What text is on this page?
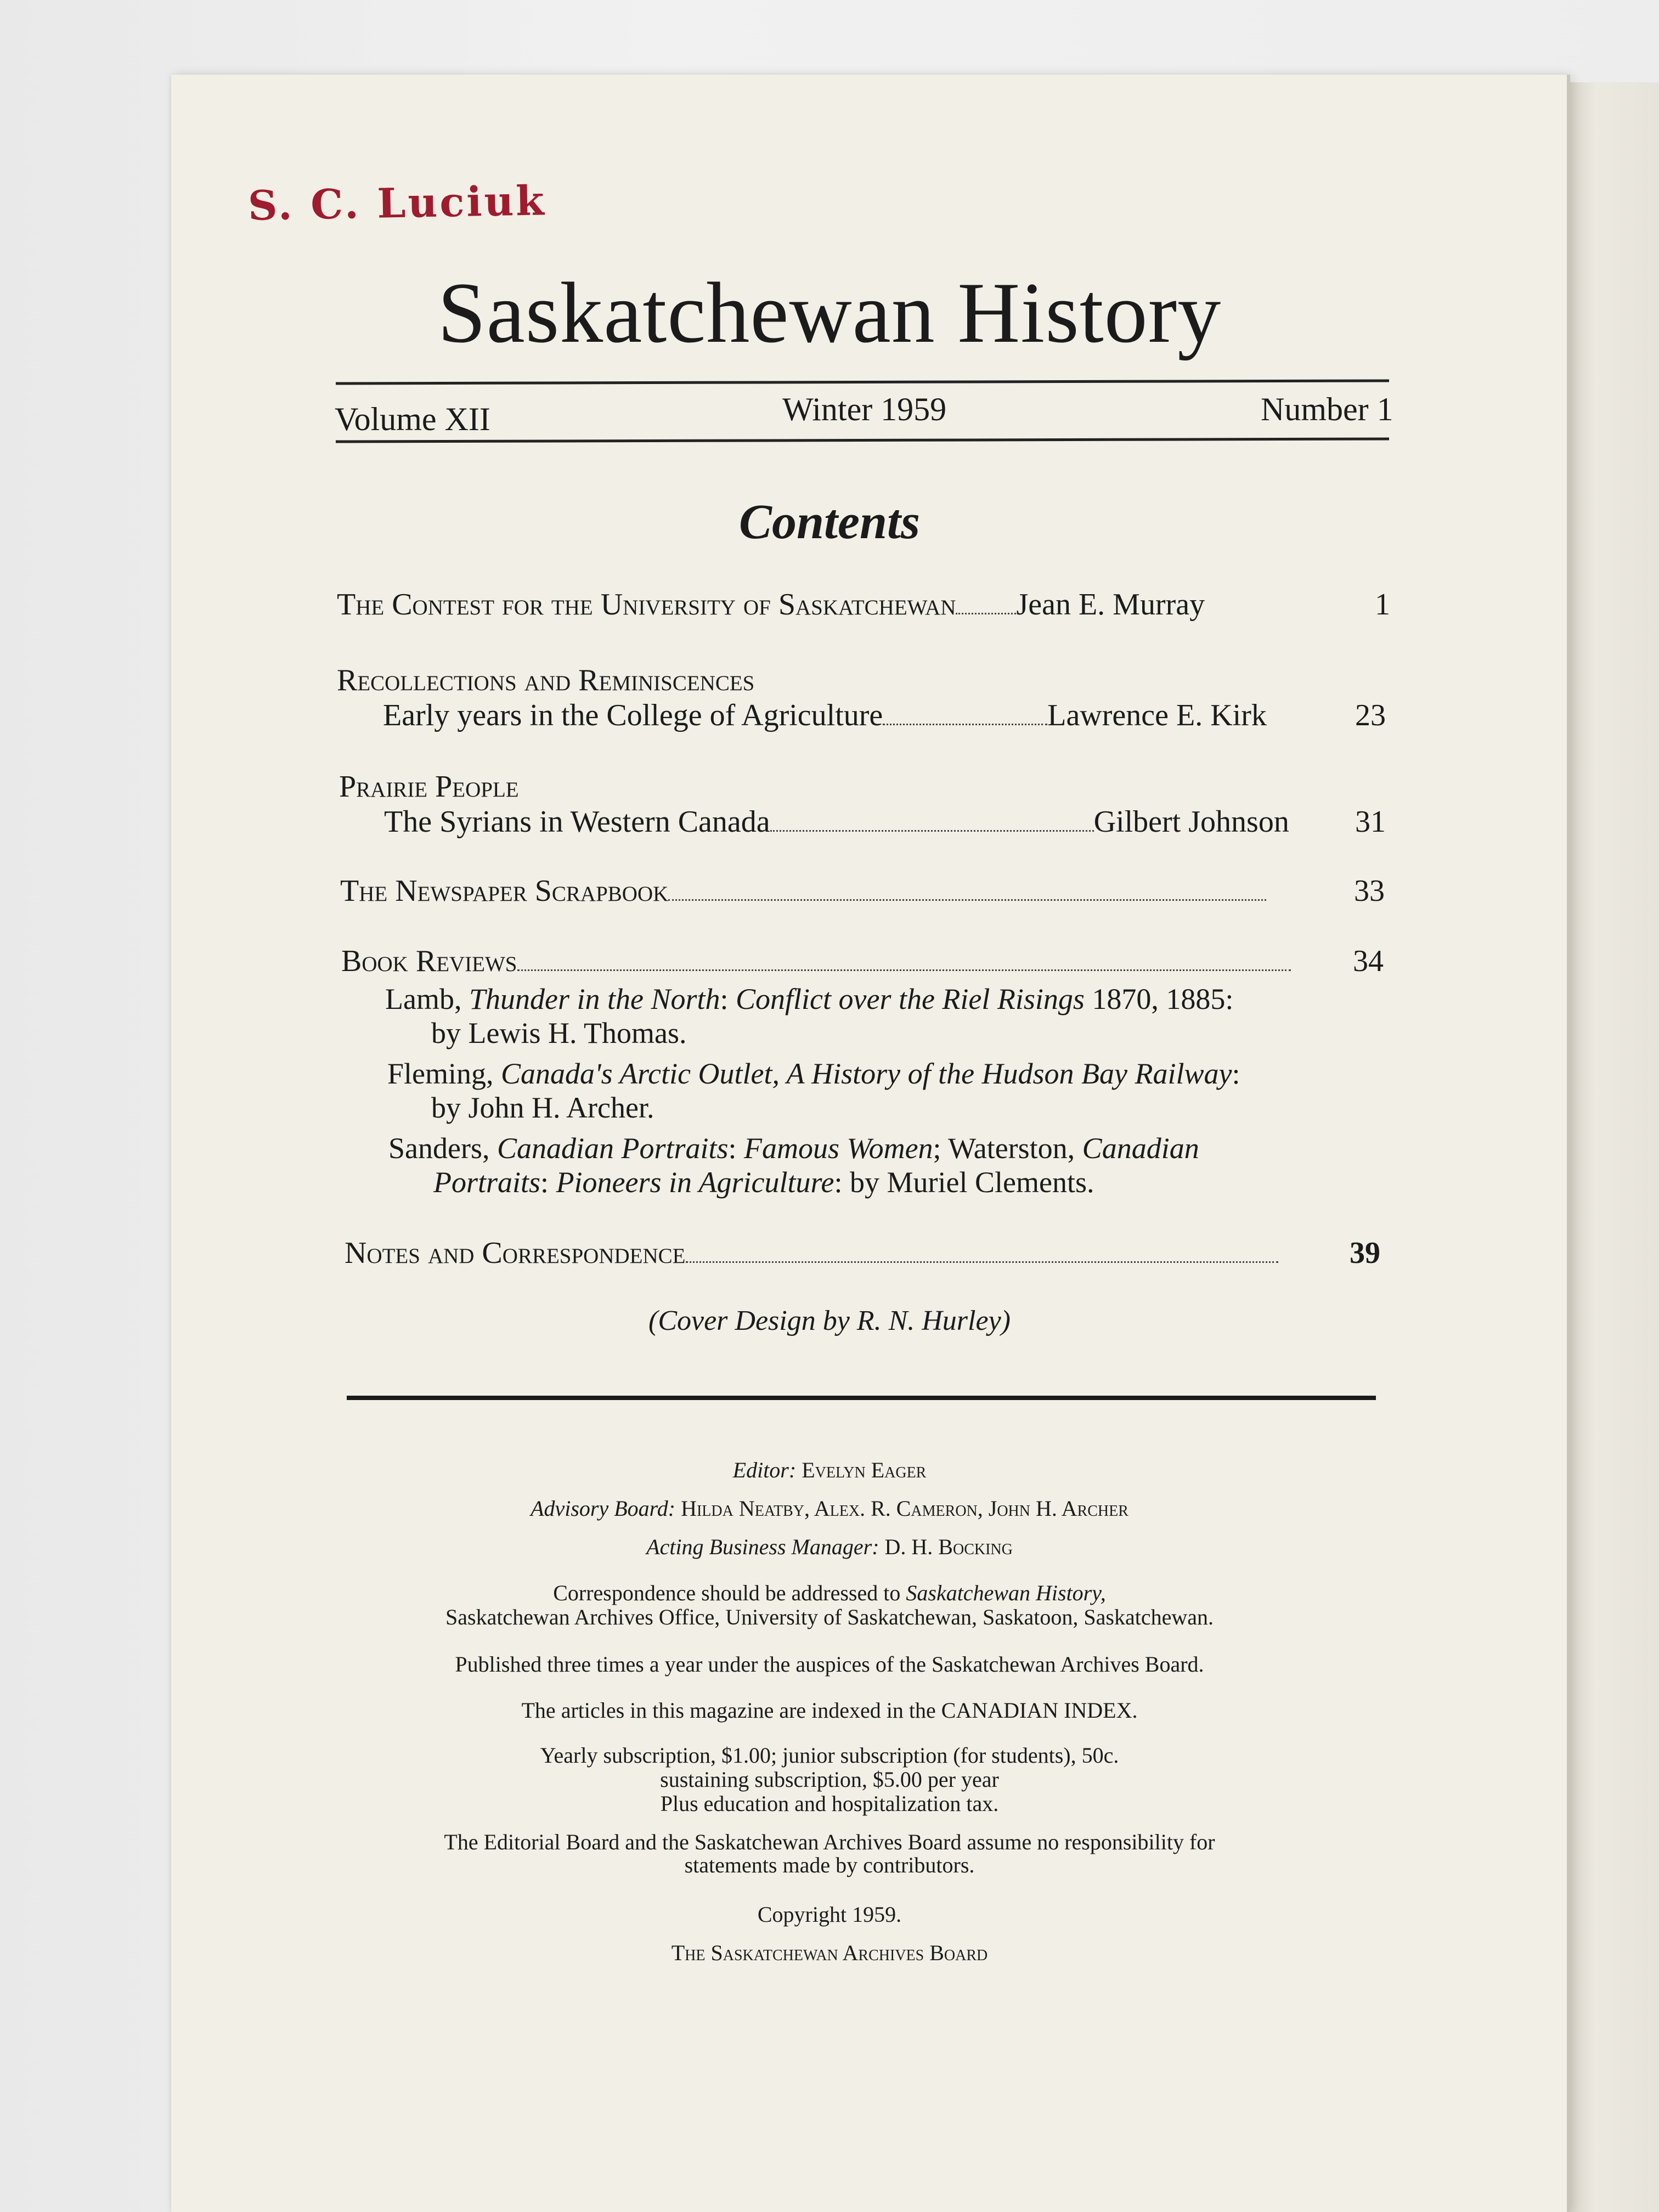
S. C. Luciuk
Saskatchewan History
Volume XII	Winter 1959	Number 1
Contents
The Contest for the University of Saskatchewan Jean E. Murray	1
Recollections and Reminiscences
Early years in the College of Agriculture	Lawrence E. Kirk	23
Prairie People
The Syrians in Western Canada	Gilbert Johnson 31
The Newspaper Scrapbook	33
Book Reviews	34
Lamb, Thunder in the North: Conflict over the Riel Risings 1870, 1885:
by Lewis H. Thomas.
Fleming, Canada's Arctic Outlet, A History of the Hudson Bay Railway:
by John H. Archer.
Sanders, Canadian Portraits: Famous Women; Waterston, Canadian
Portraits: Pioneers in Agriculture: by Muriel Clements.
Notes and Correspondence	39
(Cover Design by R. N. Hurley)
Editor: Evelyn Eager
Advisory Board: Hilda Neatby, Alex. R. Cameron, John H. Archer
Acting Business Manager: D. H. Bocking
Correspondence should be addressed to Saskatchewan History,
Saskatchewan Archives Office, University of Saskatchewan, Saskatoon, Saskatchewan.
Published three times a year under the auspices of the Saskatchewan Archives Board.
The articles in this magazine are indexed in the CANADIAN INDEX.
Yearly subscription, $1.00; junior subscription (for students), 50c.
sustaining subscription, $5.00 per year
Plus education and hospitalization tax.
The Editorial Board and the Saskatchewan Archives Board assume no responsibility for
statements made by contributors.
Copyright 1959.
The Saskatchewan Archives Board
